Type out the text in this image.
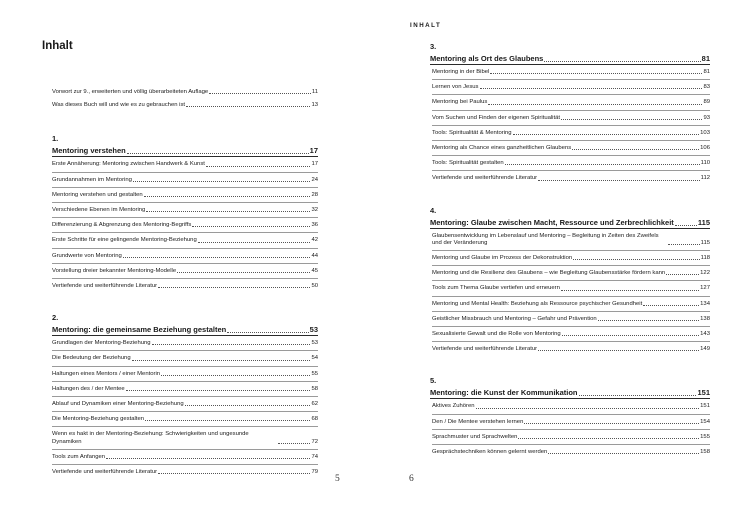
Inhalt
Vorwort zur 9., erweiterten und völlig überarbeiteten Auflage	11
Was dieses Buch will und wie es zu gebrauchen ist	13
1.
Mentoring verstehen	17
Erste Annäherung: Mentoring zwischen Handwerk & Kunst	17
Grundannahmen im Mentoring	24
Mentoring verstehen und gestalten	28
Verschiedene Ebenen im Mentoring	32
Differenzierung & Abgrenzung des Mentoring-Begriffs	36
Erste Schritte für eine gelingende Mentoring-Beziehung	42
Grundwerte von Mentoring	44
Vorstellung dreier bekannter Mentoring-Modelle	45
Vertiefende und weiterführende Literatur	50
2.
Mentoring: die gemeinsame Beziehung gestalten	53
Grundlagen der Mentoring-Beziehung	53
Die Bedeutung der Beziehung	54
Haltungen eines Mentors / einer Mentorin	55
Haltungen des / der Mentee	58
Ablauf und Dynamiken einer Mentoring-Beziehung	62
Die Mentoring-Beziehung gestalten	68
Wenn es hakt in der Mentoring-Beziehung: Schwierigkeiten und ungesunde Dynamiken	72
Tools zum Anfangen	74
Vertiefende und weiterführende Literatur	79
5
INHALT
3.
Mentoring als Ort des Glaubens	81
Mentoring in der Bibel	81
Lernen von Jesus	83
Mentoring bei Paulus	89
Vom Suchen und Finden der eigenen Spiritualität	93
Tools: Spiritualität & Mentoring	103
Mentoring als Chance eines ganzheitlichen Glaubens	106
Tools: Spiritualität gestalten	110
Vertiefende und weiterführende Literatur	112
4.
Mentoring: Glaube zwischen Macht, Ressource und Zerbrechlichkeit	115
Glaubensentwicklung im Lebenslauf und Mentoring – Begleitung in Zeiten des Zweifels und der Veränderung	115
Mentoring und Glaube im Prozess der Dekonstruktion	118
Mentoring und die Resilienz des Glaubens – wie Begleitung Glaubensstärke fördern kann	122
Tools zum Thema Glaube vertiefen und erneuern	127
Mentoring und Mental Health: Beziehung als Ressource psychischer Gesundheit	134
Geistlicher Missbrauch und Mentoring – Gefahr und Prävention	138
Sexualisierte Gewalt und die Rolle von Mentoring	143
Vertiefende und weiterführende Literatur	149
5.
Mentoring: die Kunst der Kommunikation	151
Aktives Zuhören	151
Den / Die Mentee verstehen lernen	154
Sprachmuster und Sprachwelten	155
Gesprächstechniken können gelernt werden	158
6
